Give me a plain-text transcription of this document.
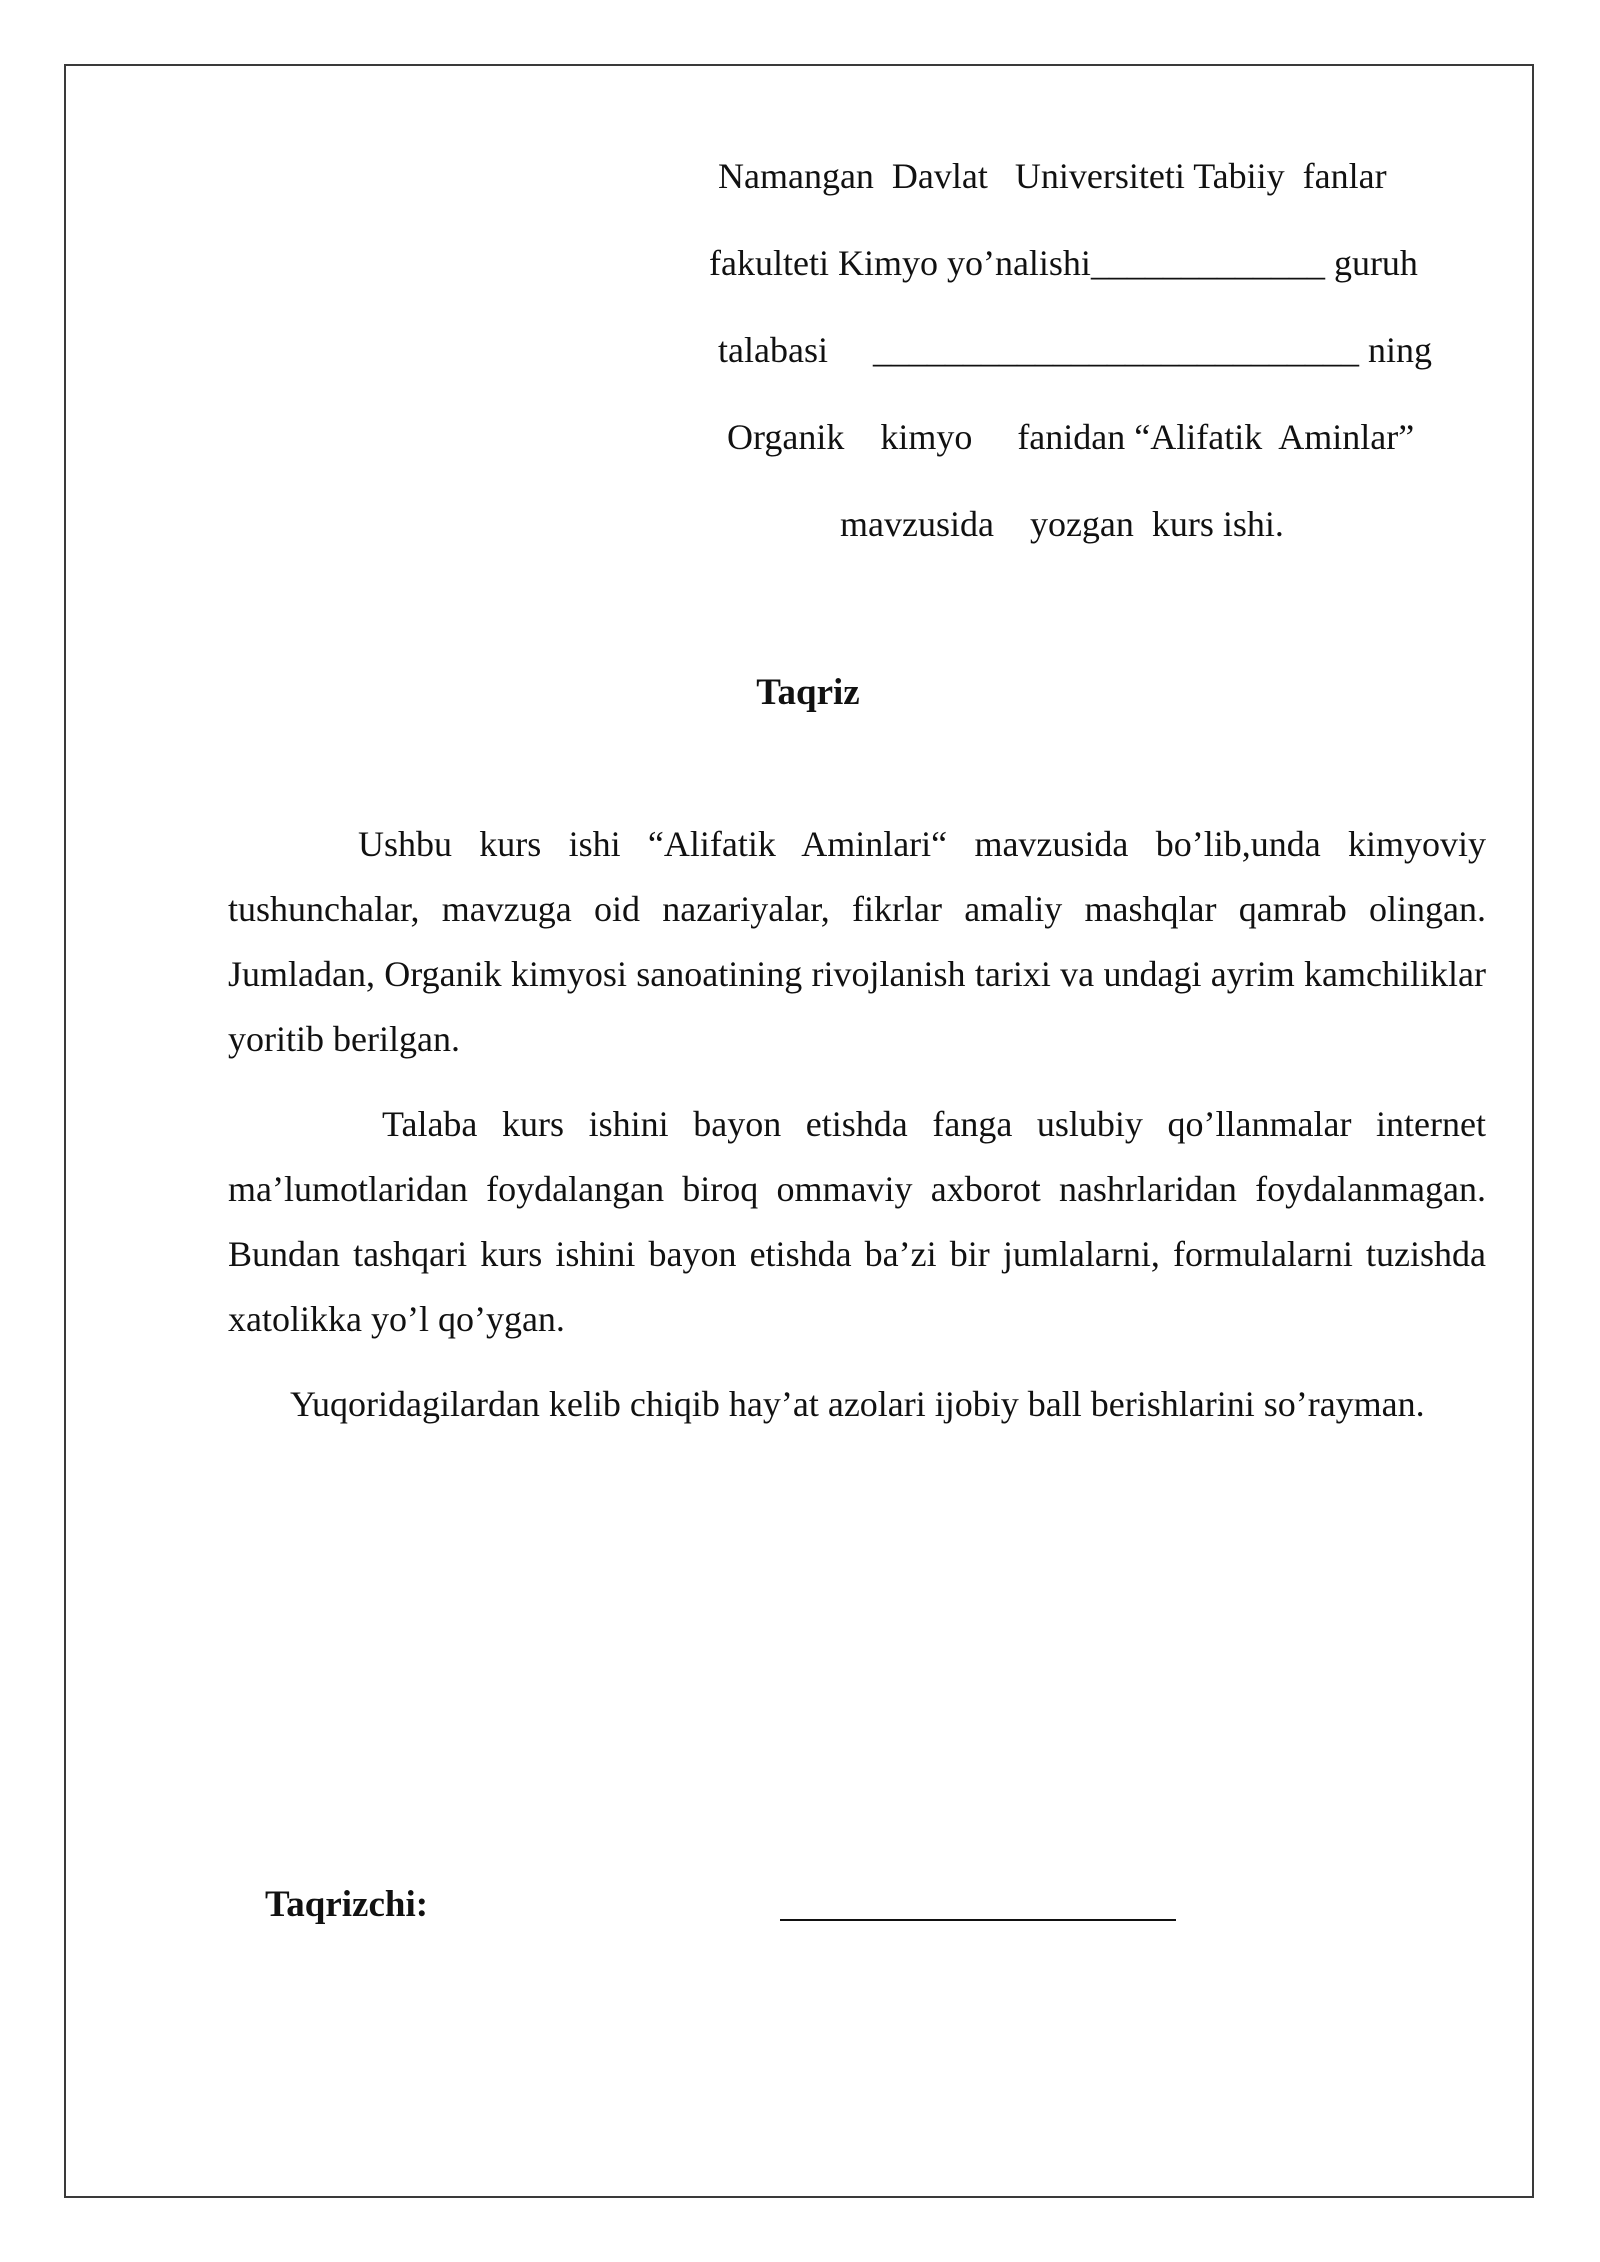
Namangan  Davlat   Universiteti Tabiiy  fanlar
fakulteti Kimyo yo’nalishi_____________ guruh
talabasi     ___________________________ ning
Organik    kimyo     fanidan “Alifatik  Aminlar”
mavzusida    yozgan  kurs ishi.
Taqriz

Ushbu kurs ishi “Alifatik Aminlari“ mavzusida bo’lib,unda kimyoviy tushunchalar, mavzuga oid nazariyalar, fikrlar amaliy mashqlar qamrab olingan. Jumladan, Organik kimyosi sanoatining rivojlanish tarixi va undagi ayrim kamchiliklar yoritib berilgan.

Talaba kurs ishini bayon etishda fanga uslubiy qo’llanmalar internet ma’lumotlaridan foydalangan biroq ommaviy axborot nashrlaridan foydalanmagan. Bundan tashqari kurs ishini bayon etishda ba’zi bir jumlalarni, formulalarni tuzishda xatolikka yo’l qo’ygan.

Yuqoridagilardan kelib chiqib hay’at azolari ijobiy ball berishlarini so’rayman.

Taqrizchi:
